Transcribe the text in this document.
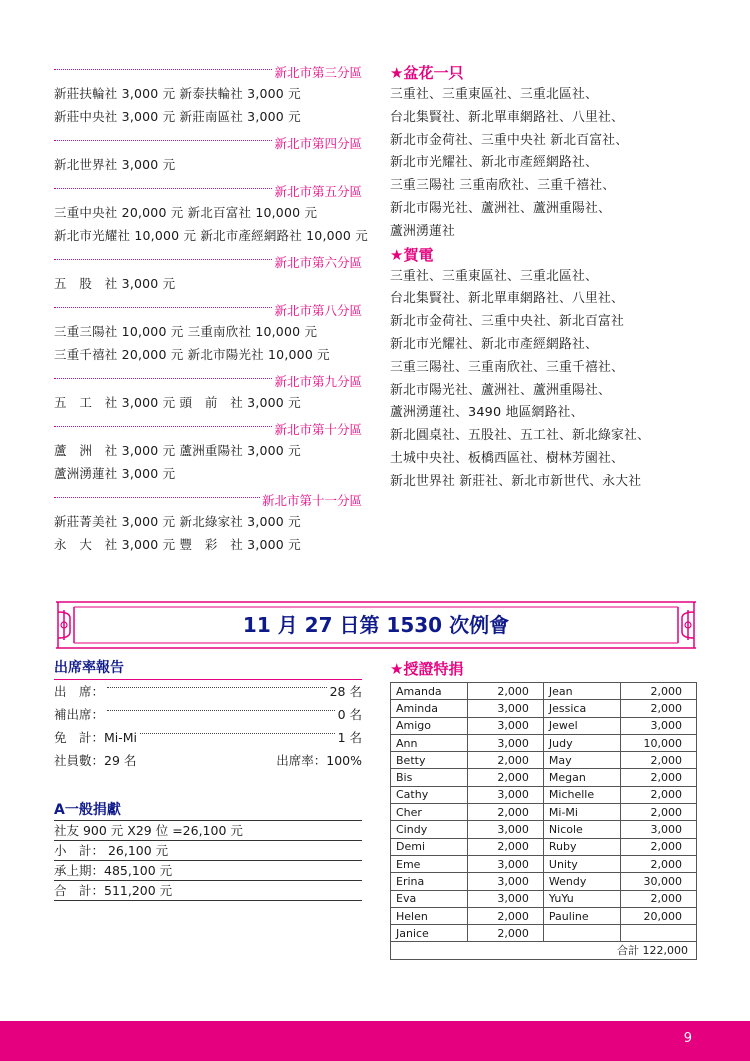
新北市第三分區
新莊扶輪社 3,000 元 新泰扶輪社 3,000 元
新莊中央社 3,000 元 新莊南區社 3,000 元
新北市第四分區
新北世界社 3,000 元
新北市第五分區
三重中央社 20,000 元 新北百富社 10,000 元
新北市光耀社 10,000 元 新北市產經網路社 10,000 元
新北市第六分區
五　股　社 3,000 元
新北市第八分區
三重三陽社 10,000 元 三重南欣社 10,000 元
三重千禧社 20,000 元 新北市陽光社 10,000 元
新北市第九分區
五　工　社 3,000 元 頭　前　社 3,000 元
新北市第十分區
蘆　洲　社 3,000 元 蘆洲重陽社 3,000 元
蘆洲湧蓮社 3,000 元
新北市第十一分區
新莊菁美社 3,000 元 新北綠家社 3,000 元
永　大　社 3,000 元 豐　彩　社 3,000 元
★盆花一只
三重社、三重東區社、三重北區社、
台北集賢社、新北單車網路社、八里社、
新北市金荷社、三重中央社 新北百富社、
新北市光耀社、新北市產經網路社、
三重三陽社 三重南欣社、三重千禧社、
新北市陽光社、蘆洲社、蘆洲重陽社、
蘆洲湧蓮社
★賀電
三重社、三重東區社、三重北區社、
台北集賢社、新北單車網路社、八里社、
新北市金荷社、三重中央社、新北百富社
新北市光耀社、新北市產經網路社、
三重三陽社、三重南欣社、三重千禧社、
新北市陽光社、蘆洲社、蘆洲重陽社、
蘆洲湧蓮社、3490 地區網路社、
新北圓桌社、五股社、五工社、新北綠家社、
土城中央社、板橋西區社、樹林芳園社、
新北世界社 新莊社、新北市新世代、永大社
11 月 27 日第 1530 次例會
出席率報告
出　席：	28 名
補出席：	0 名
免　計：Mi-Mi	1 名
社員數：29 名	出席率：100%
A一般捐獻
社友 900 元 X29 位 =26,100 元
小　計： 26,100 元
承上期：485,100 元
合　計：511,200 元
★授證特捐
Amanda	2,000	Jean	2,000
Aminda	3,000	Jessica	2,000
Amigo	3,000	Jewel	3,000
Ann	3,000	Judy	10,000
Betty	2,000	May	2,000
Bis	2,000	Megan	2,000
Cathy	3,000	Michelle	2,000
Cher	2,000	Mi-Mi	2,000
Cindy	3,000	Nicole	3,000
Demi	2,000	Ruby	2,000
Eme	3,000	Unity	2,000
Erina	3,000	Wendy	30,000
Eva	3,000	YuYu	2,000
Helen	2,000	Pauline	20,000
Janice	2,000		
合計 122,000			
9
